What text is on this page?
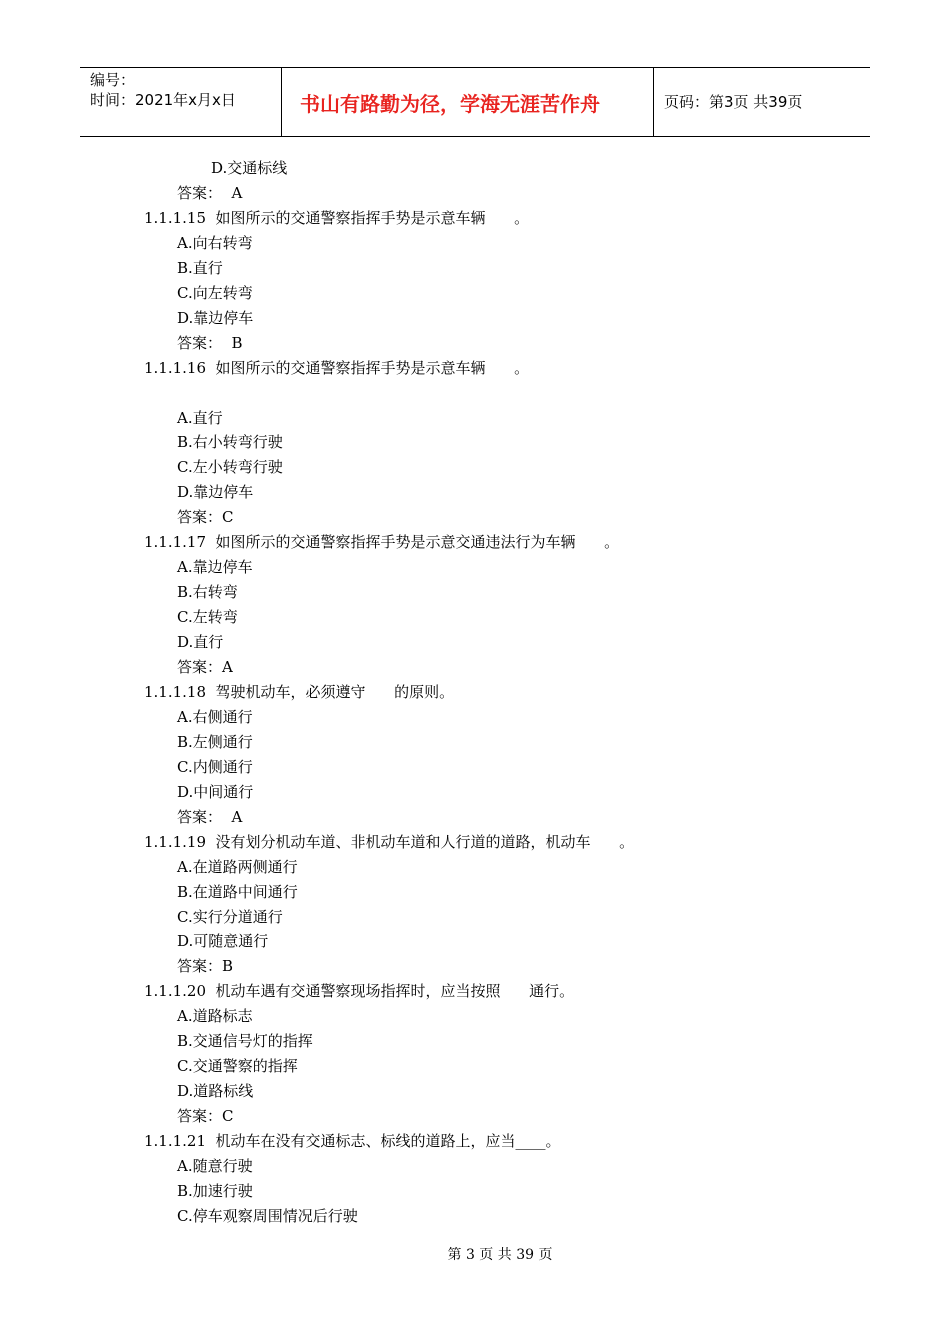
编号：
时间：2021年x月x日	书山有路勤为径，学海无涯苦作舟	页码：第3页 共39页
D.交通标线
答案：  A
1.1.1.15  如图所示的交通警察指挥手势是示意车辆      。
A.向右转弯
B.直行
C.向左转弯
D.靠边停车
答案：  B
1.1.1.16  如图所示的交通警察指挥手势是示意车辆      。
A.直行
B.右小转弯行驶
C.左小转弯行驶
D.靠边停车
答案：C
1.1.1.17  如图所示的交通警察指挥手势是示意交通违法行为车辆      。
A.靠边停车
B.右转弯
C.左转弯
D.直行
答案：A
1.1.1.18  驾驶机动车，必须遵守      的原则。
A.右侧通行
B.左侧通行
C.内侧通行
D.中间通行
答案：  A
1.1.1.19  没有划分机动车道、非机动车道和人行道的道路，机动车      。
A.在道路两侧通行
B.在道路中间通行
C.实行分道通行
D.可随意通行
答案：B
1.1.1.20  机动车遇有交通警察现场指挥时，应当按照      通行。
A.道路标志
B.交通信号灯的指挥
C.交通警察的指挥
D.道路标线
答案：C
1.1.1.21  机动车在没有交通标志、标线的道路上，应当____。
A.随意行驶
B.加速行驶
C.停车观察周围情况后行驶
第 3 页 共 39 页
